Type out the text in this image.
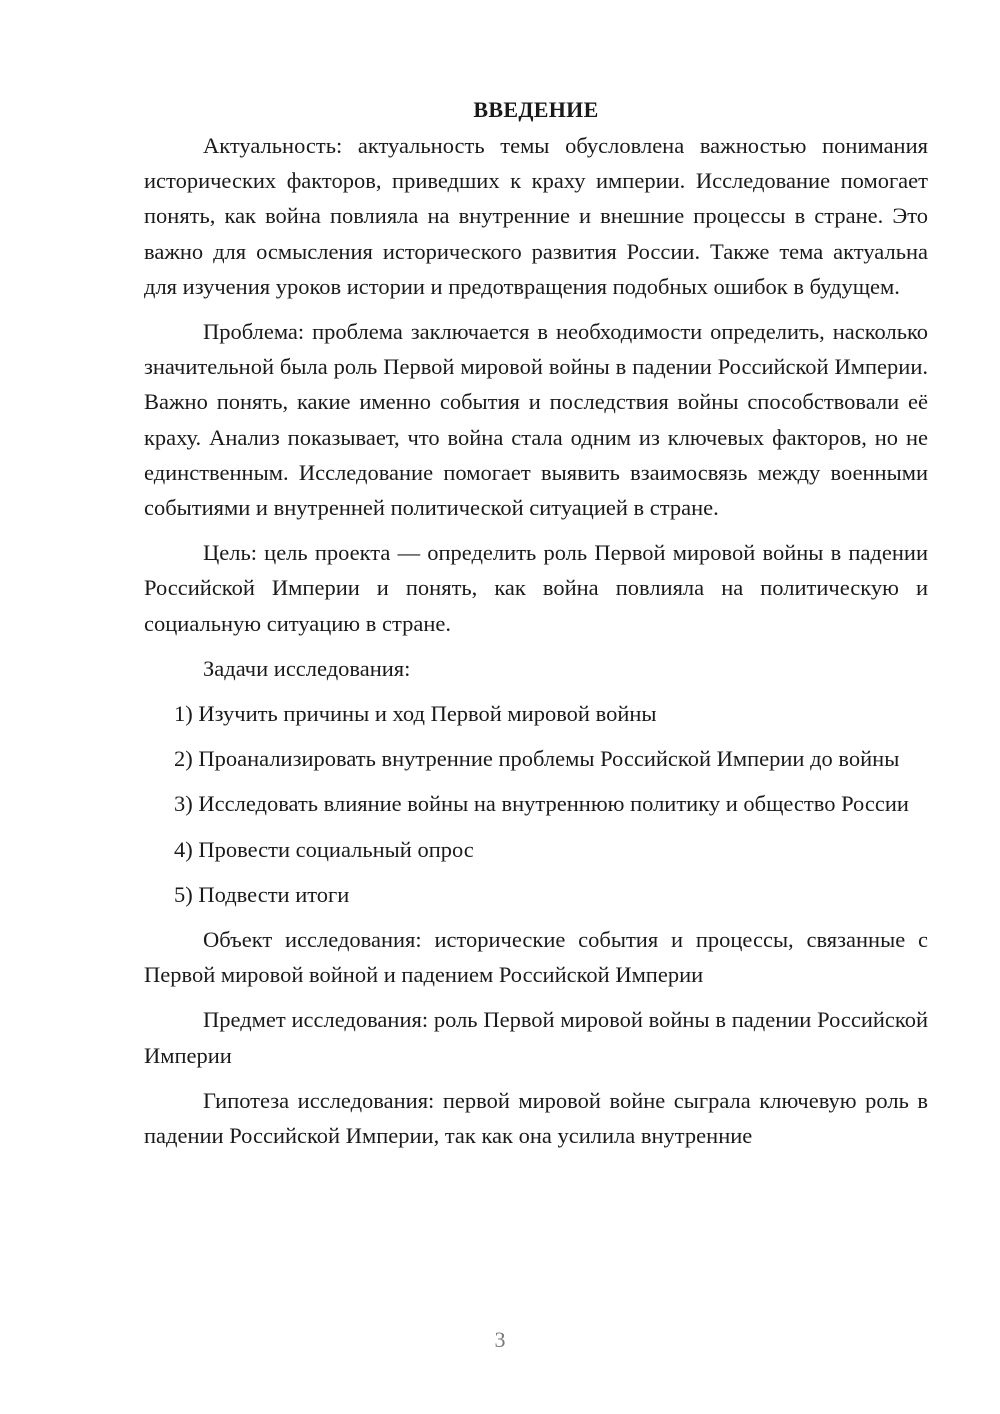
ВВЕДЕНИЕ

Актуальность: актуальность темы обусловлена важностью понимания исторических факторов, приведших к краху империи. Исследование помогает понять, как война повлияла на внутренние и внешние процессы в стране. Это важно для осмысления исторического развития России. Также тема актуальна для изучения уроков истории и предотвращения подобных ошибок в будущем.

Проблема: проблема заключается в необходимости определить, насколько значительной была роль Первой мировой войны в падении Российской Империи. Важно понять, какие именно события и последствия войны способствовали её краху. Анализ показывает, что война стала одним из ключевых факторов, но не единственным. Исследование помогает выявить взаимосвязь между военными событиями и внутренней политической ситуацией в стране.

Цель: цель проекта — определить роль Первой мировой войны в падении Российской Империи и понять, как война повлияла на политическую и социальную ситуацию в стране.

Задачи исследования:

1) Изучить причины и ход Первой мировой войны

2) Проанализировать внутренние проблемы Российской Империи до войны

3) Исследовать влияние войны на внутреннюю политику и общество России

4) Провести социальный опрос

5) Подвести итоги

Объект исследования: исторические события и процессы, связанные с Первой мировой войной и падением Российской Империи

Предмет исследования: роль Первой мировой войны в падении Российской Империи

Гипотеза исследования: первой мировой войне сыграла ключевую роль в падении Российской Империи, так как она усилила внутренние

3
